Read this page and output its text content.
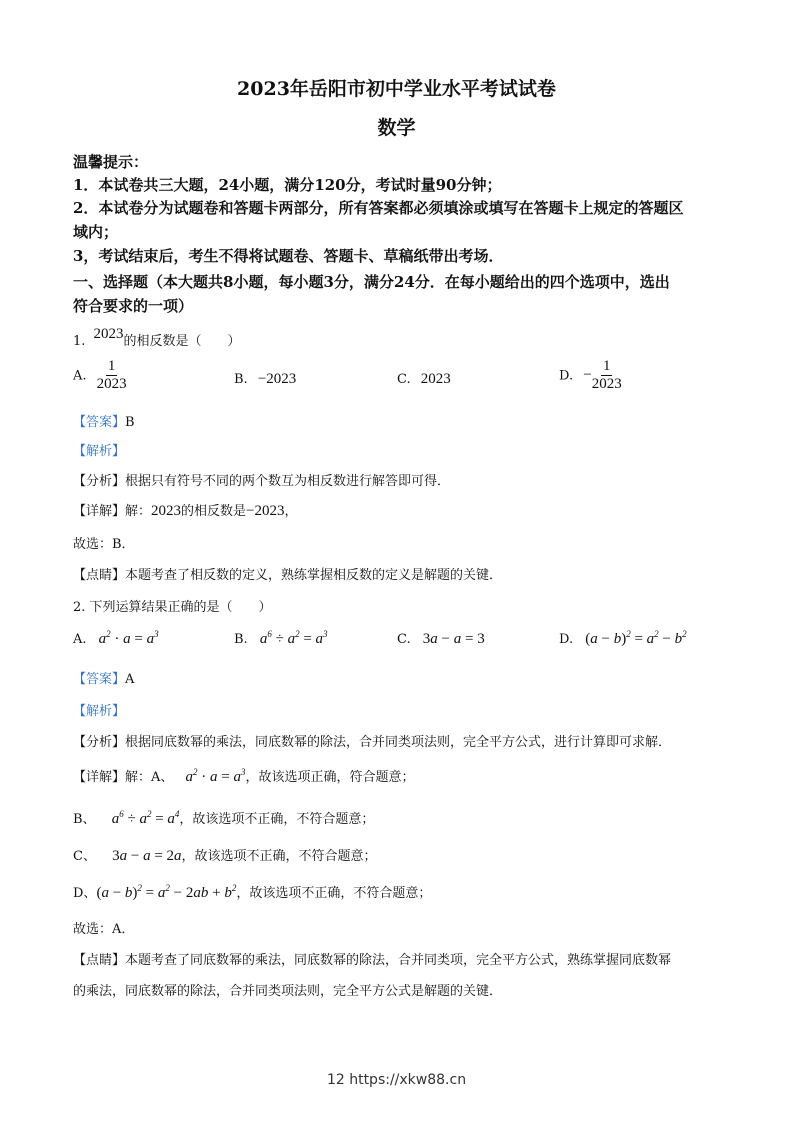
2023年岳阳市初中学业水平考试试卷
数学
温馨提示：
1．本试卷共三大题，24小题，满分120分，考试时量90分钟；
2．本试卷分为试题卷和答题卡两部分，所有答案都必须填涂或填写在答题卡上规定的答题区
域内；
3，考试结束后，考生不得将试题卷、答题卡、草稿纸带出考场．
一、选择题（本大题共8小题，每小题3分，满分24分．在每小题给出的四个选项中，选出
符合要求的一项）
1. 2023的相反数是（　　）
A. $\frac{1}{2023}$	B. −2023	C. 2023	D. − $\frac{1}{2023}$
【答案】B
【解析】
【分析】根据只有符号不同的两个数互为相反数进行解答即可得．
【详解】解：2023的相反数是−2023，
故选：B．
【点睛】本题考查了相反数的定义，熟练掌握相反数的定义是解题的关键．
2. 下列运算结果正确的是（　　）
A. $a^2 \cdot a = a^3$	B. $a^6 \div a^2 = a^3$	C. 3a − a = 3	D. $(a - b)^2 = a^2 - b^2$
【答案】A
【解析】
【分析】根据同底数幂的乘法，同底数幂的除法，合并同类项法则，完全平方公式，进行计算即可求解．
【详解】解：A、 $a^2 \cdot a = a^3$，故该选项正确，符合题意；
B、 $a^6 \div a^2 = a^4$，故该选项不正确，不符合题意；
C、 3a − a = 2a，故该选项不正确，不符合题意；
D、$(a - b)^2 = a^2 - 2ab + b^2$，故该选项不正确，不符合题意；
故选：A．
【点睛】本题考查了同底数幂的乘法，同底数幂的除法，合并同类项，完全平方公式，熟练掌握同底数幂
的乘法，同底数幂的除法，合并同类项法则，完全平方公式是解题的关键．
12 https://xkw88.cn
